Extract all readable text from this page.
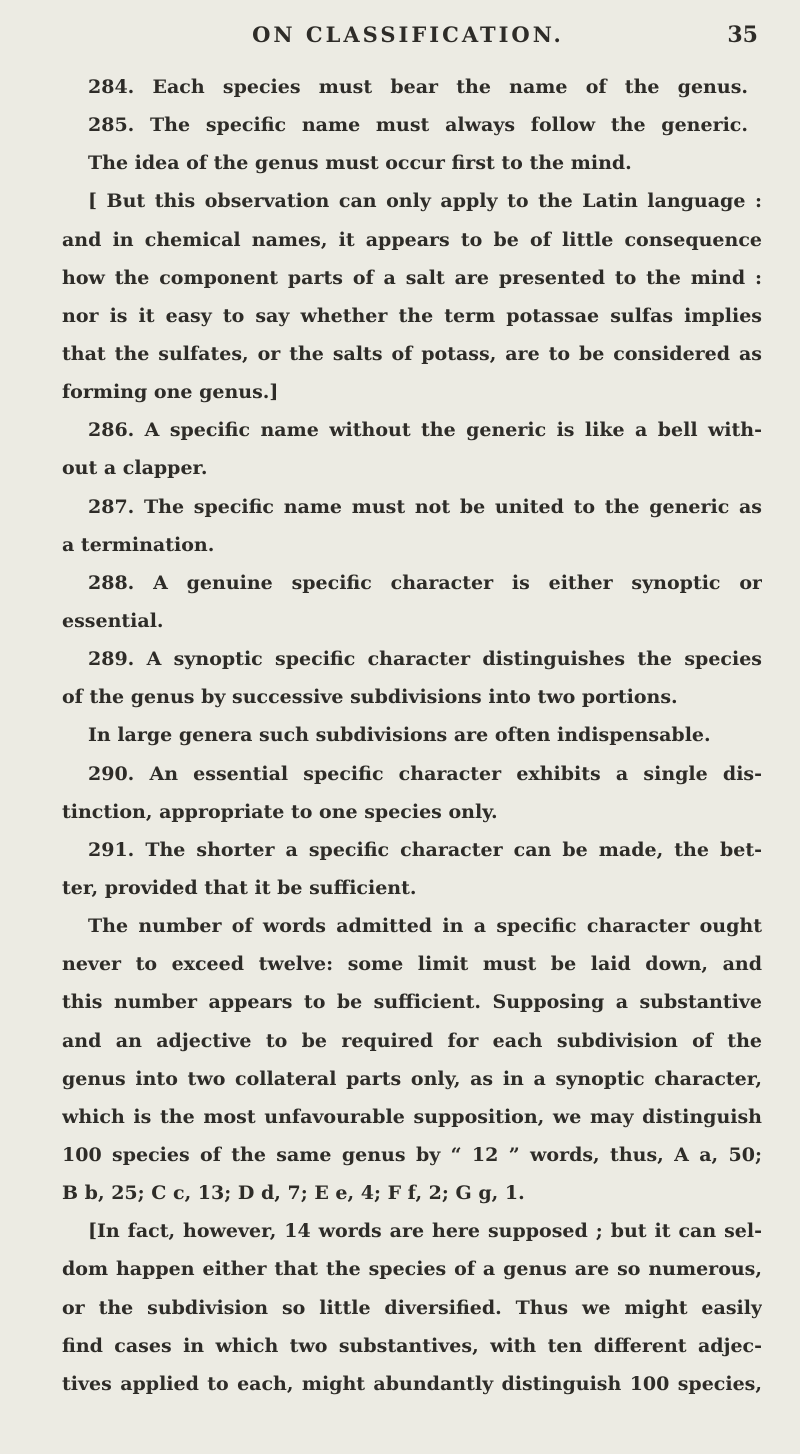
ON CLASSIFICATION.	35
284. Each species must bear the name of the genus.
285. The specific name must always follow the generic.
The idea of the genus must occur first to the mind.
[ But this observation can only apply to the Latin language :
and in chemical names, it appears to be of little consequence
how the component parts of a salt are presented to the mind :
nor is it easy to say whether the term potassae sulfas implies
that the sulfates, or the salts of potass, are to be considered as
forming one genus.]
286. A specific name without the generic is like a bell with-
out a clapper.
287. The specific name must not be united to the generic as
a termination.
288. A genuine specific character is either synoptic or
essential.
289. A synoptic specific character distinguishes the species
of the genus by successive subdivisions into two portions.
In large genera such subdivisions are often indispensable.
290. An essential specific character exhibits a single dis-
tinction, appropriate to one species only.
291. The shorter a specific character can be made, the bet-
ter, provided that it be sufficient.
The number of words admitted in a specific character ought
never to exceed twelve: some limit must be laid down, and
this number appears to be sufficient. Supposing a substantive
and an adjective to be required for each subdivision of the
genus into two collateral parts only, as in a synoptic character,
which is the most unfavourable supposition, we may distinguish
100 species of the same genus by “ 12 ” words, thus, A a, 50;
B b, 25; C c, 13; D d, 7; E e, 4; F f, 2; G g, 1.
[In fact, however, 14 words are here supposed ; but it can sel-
dom happen either that the species of a genus are so numerous,
or the subdivision so little diversified. Thus we might easily
find cases in which two substantives, with ten different adjec-
tives applied to each, might abundantly distinguish 100 species,
